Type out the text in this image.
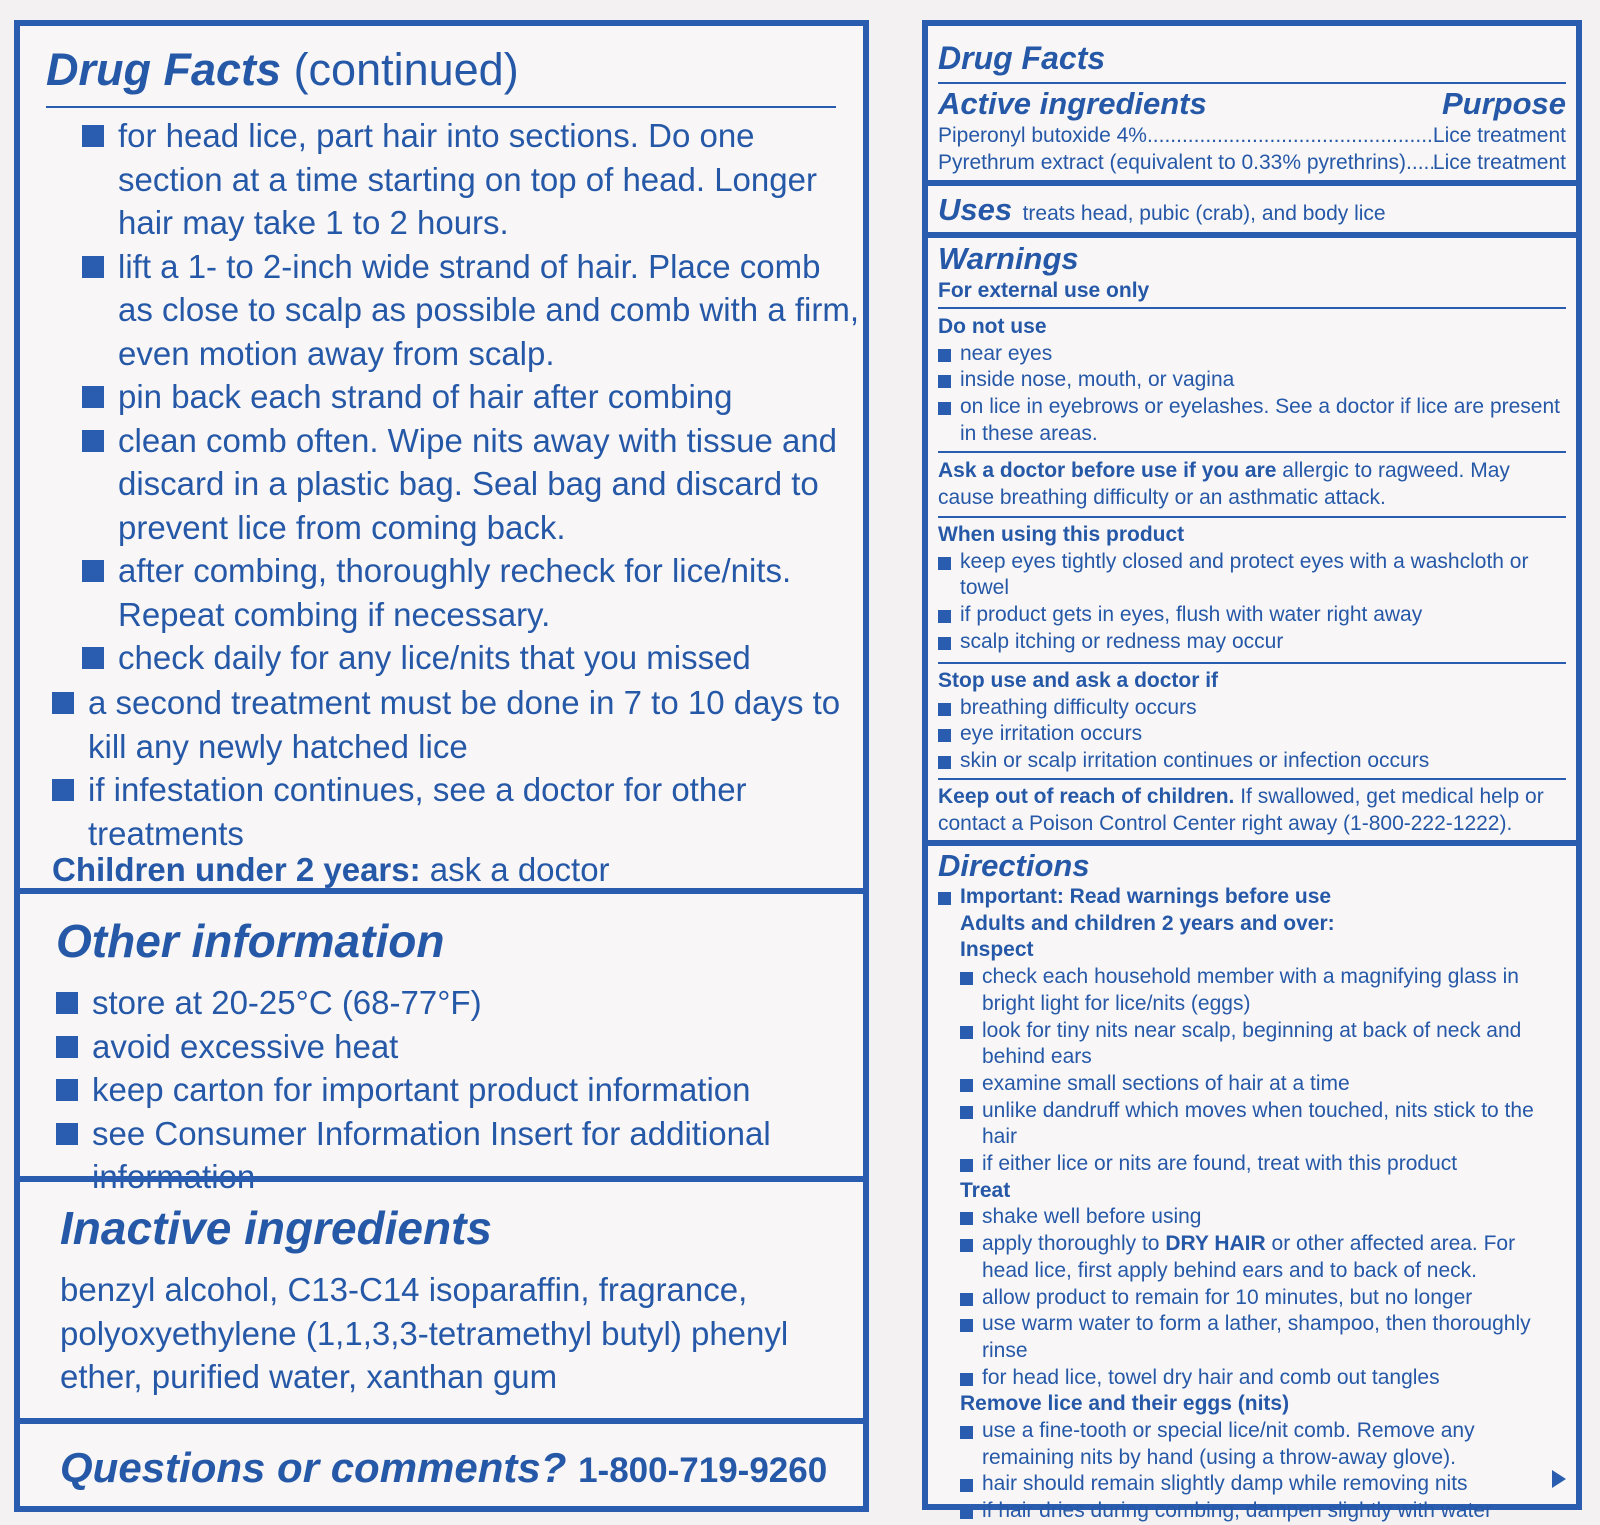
Drug Facts (continued)
for head lice, part hair into sections. Do one section at a time starting on top of head. Longer hair may take 1 to 2 hours.
lift a 1- to 2-inch wide strand of hair. Place comb as close to scalp as possible and comb with a firm, even motion away from scalp.
pin back each strand of hair after combing
clean comb often. Wipe nits away with tissue and discard in a plastic bag. Seal bag and discard to prevent lice from coming back.
after combing, thoroughly recheck for lice/nits. Repeat combing if necessary.
check daily for any lice/nits that you missed
a second treatment must be done in 7 to 10 days to kill any newly hatched lice
if infestation continues, see a doctor for other treatments
Children under 2 years: ask a doctor
Other information
store at 20-25°C (68-77°F)
avoid excessive heat
keep carton for important product information
see Consumer Information Insert for additional information
Inactive ingredients
benzyl alcohol, C13-C14 isoparaffin, fragrance, polyoxyethylene (1,1,3,3-tetramethyl butyl) phenyl ether, purified water, xanthan gum
Questions or comments? 1-800-719-9260
Drug Facts
Active ingredients	Purpose
Piperonyl butoxide 4% .....	Lice treatment
Pyrethrum extract (equivalent to 0.33% pyrethrins) ..... Lice treatment
Uses treats head, pubic (crab), and body lice
Warnings
For external use only
Do not use
near eyes
inside nose, mouth, or vagina
on lice in eyebrows or eyelashes. See a doctor if lice are present in these areas.
Ask a doctor before use if you are allergic to ragweed. May cause breathing difficulty or an asthmatic attack.
When using this product
keep eyes tightly closed and protect eyes with a washcloth or towel
if product gets in eyes, flush with water right away
scalp itching or redness may occur
Stop use and ask a doctor if
breathing difficulty occurs
eye irritation occurs
skin or scalp irritation continues or infection occurs
Keep out of reach of children. If swallowed, get medical help or contact a Poison Control Center right away (1-800-222-1222).
Directions
Important: Read warnings before use
Adults and children 2 years and over:
Inspect
check each household member with a magnifying glass in bright light for lice/nits (eggs)
look for tiny nits near scalp, beginning at back of neck and behind ears
examine small sections of hair at a time
unlike dandruff which moves when touched, nits stick to the hair
if either lice or nits are found, treat with this product
Treat
shake well before using
apply thoroughly to DRY HAIR or other affected area. For head lice, first apply behind ears and to back of neck.
allow product to remain for 10 minutes, but no longer
use warm water to form a lather, shampoo, then thoroughly rinse
for head lice, towel dry hair and comb out tangles
Remove lice and their eggs (nits)
use a fine-tooth or special lice/nit comb. Remove any remaining nits by hand (using a throw-away glove).
hair should remain slightly damp while removing nits
if hair dries during combing, dampen slightly with water
